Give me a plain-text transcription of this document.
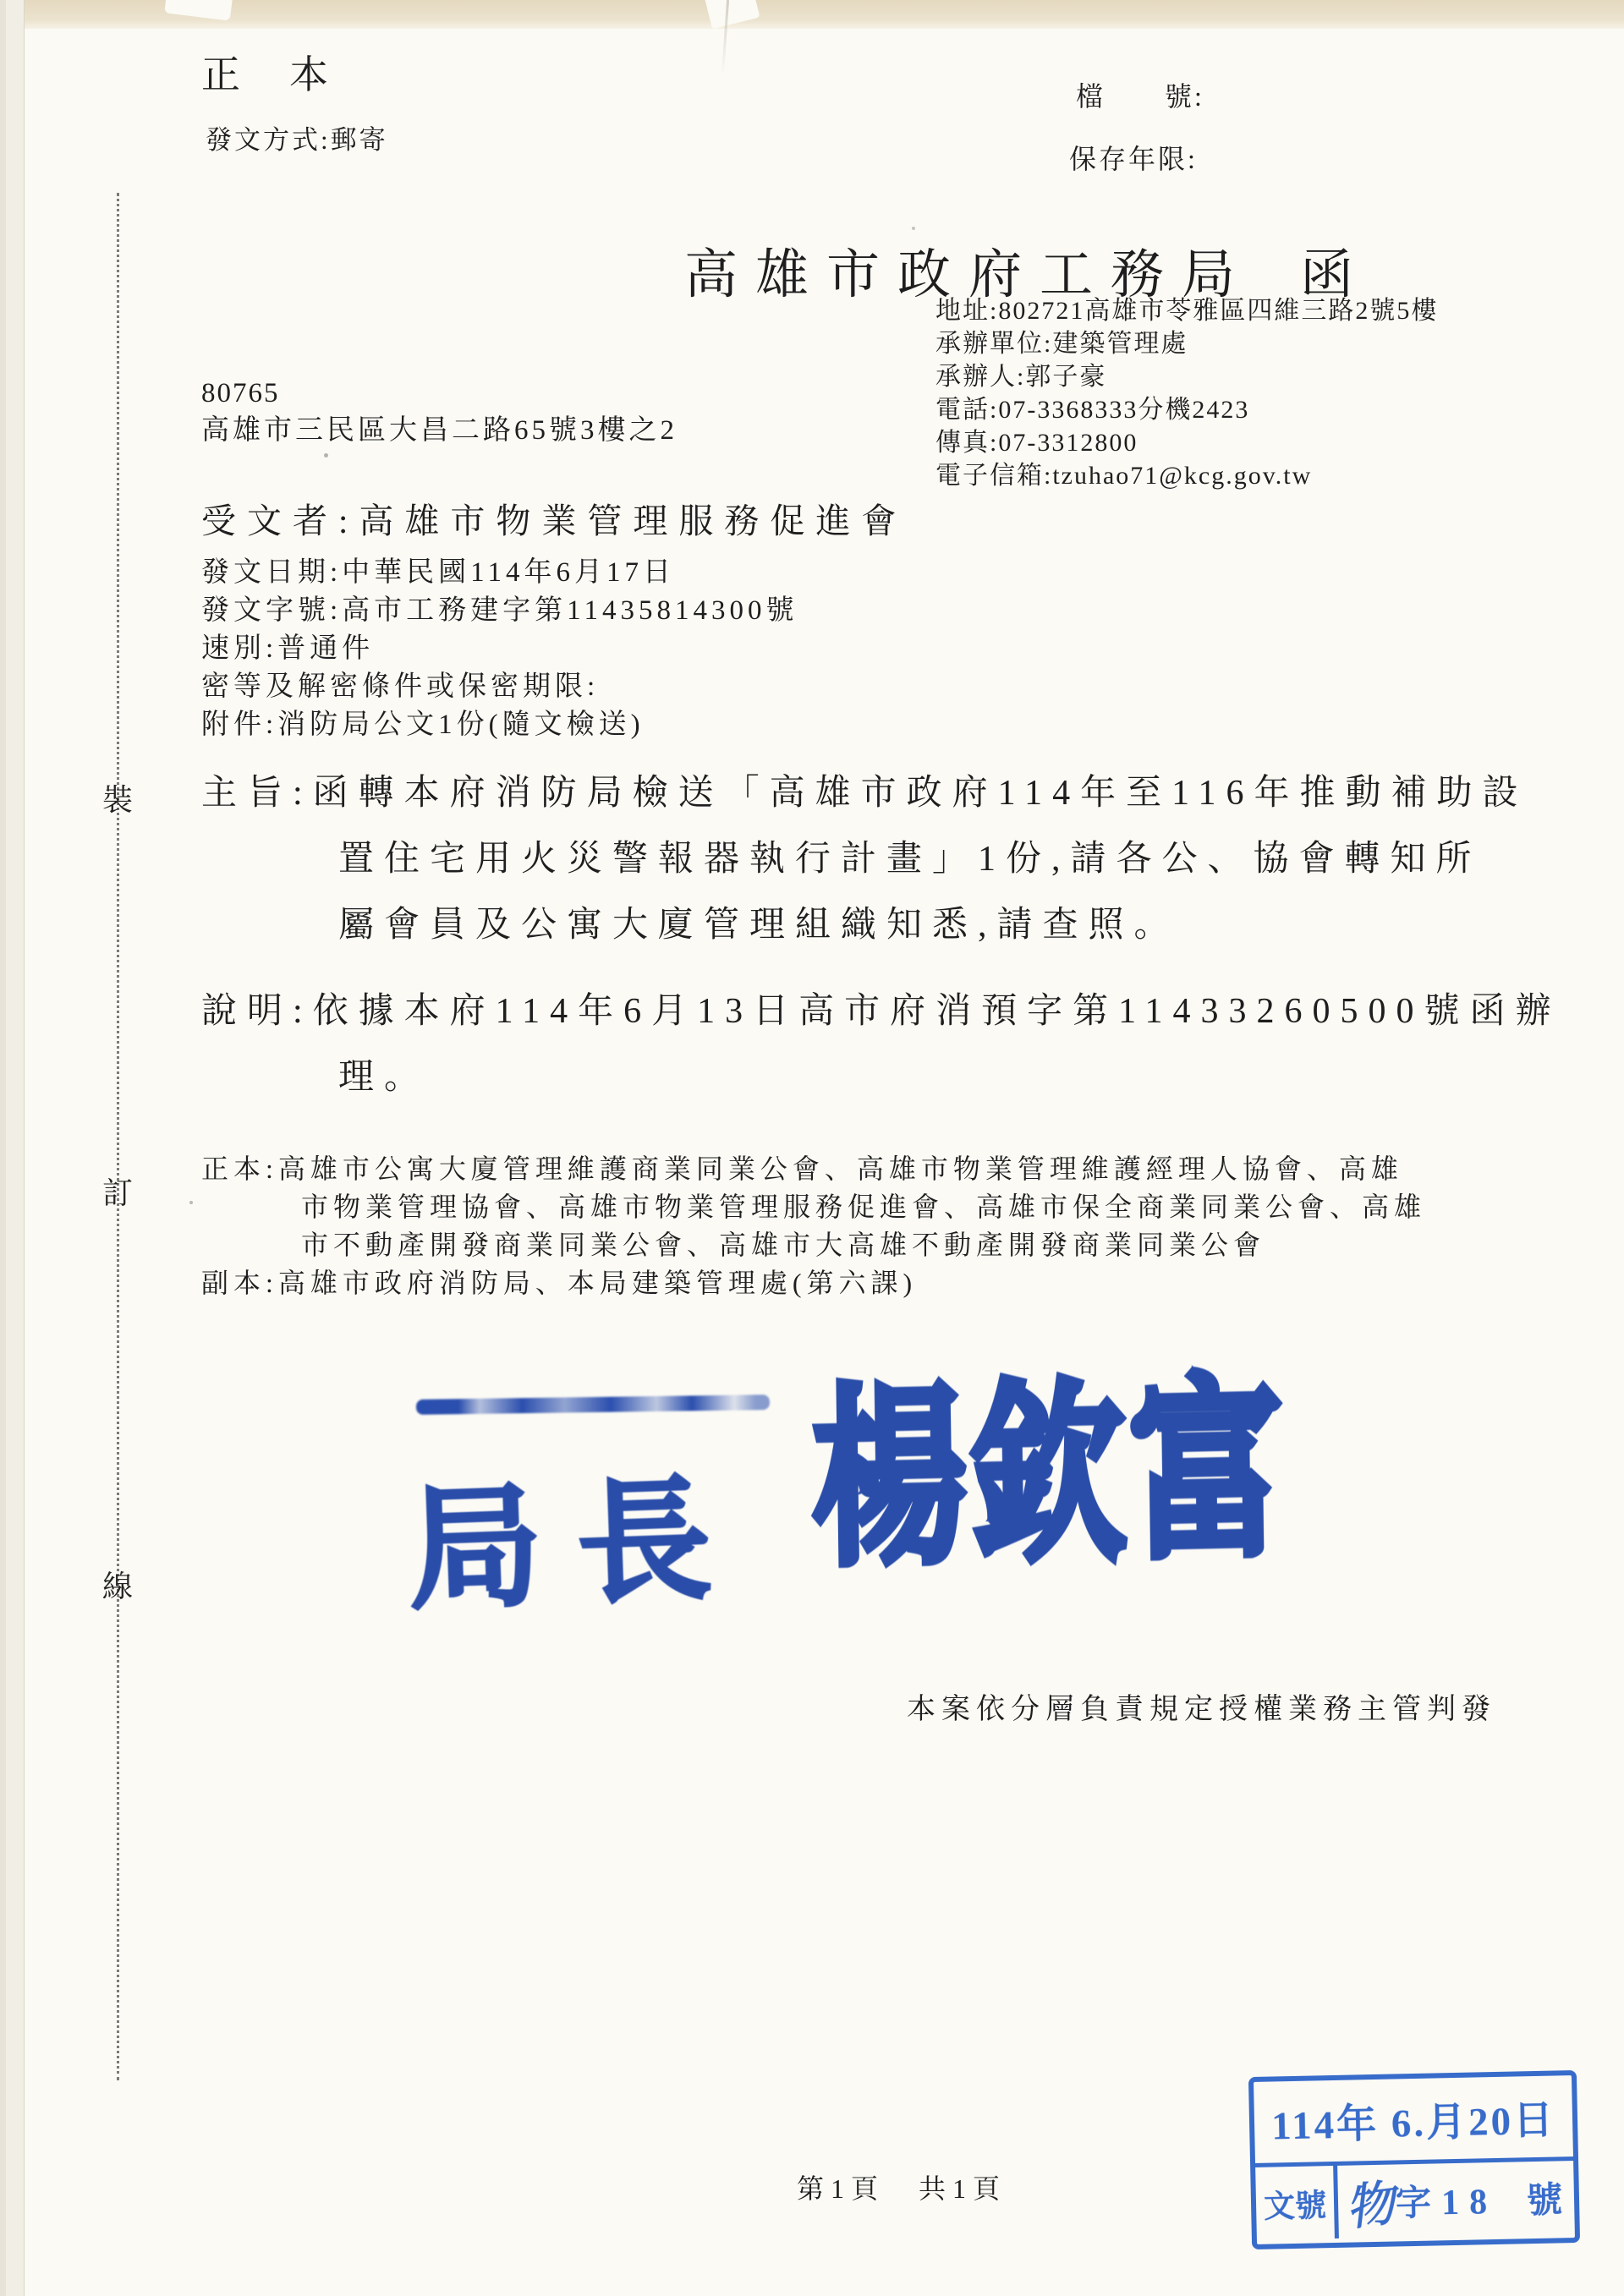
裝
訂
線
正　本
發文方式:郵寄
檔　　號:
保存年限:

高雄市政府工務局 函

地址:802721高雄市苓雅區四維三路2號5樓
承辦單位:建築管理處
承辦人:郭子豪
電話:07-3368333分機2423
傳真:07-3312800
電子信箱:tzuhao71@kcg.gov.tw
80765
高雄市三民區大昌二路65號3樓之2
受文者:高雄市物業管理服務促進會
發文日期:中華民國114年6月17日
發文字號:高市工務建字第11435814300號
速別:普通件
密等及解密條件或保密期限:
附件:消防局公文1份(隨文檢送)
主旨:函轉本府消防局檢送「高雄市政府114年至116年推動補助設
置住宅用火災警報器執行計畫」1份,請各公、協會轉知所
屬會員及公寓大廈管理組織知悉,請查照。
說明:依據本府114年6月13日高市府消預字第11433260500號函辦
理。
正本:高雄市公寓大廈管理維護商業同業公會、高雄市物業管理維護經理人協會、高雄
市物業管理協會、高雄市物業管理服務促進會、高雄市保全商業同業公會、高雄
市不動產開發商業同業公會、高雄市大高雄不動產開發商業同業公會
副本:高雄市政府消防局、本局建築管理處(第六課)
局長 楊欽富
本案依分層負責規定授權業務主管判發
114年 6.月20日
文號 物
字18 號
第1頁　共1頁
